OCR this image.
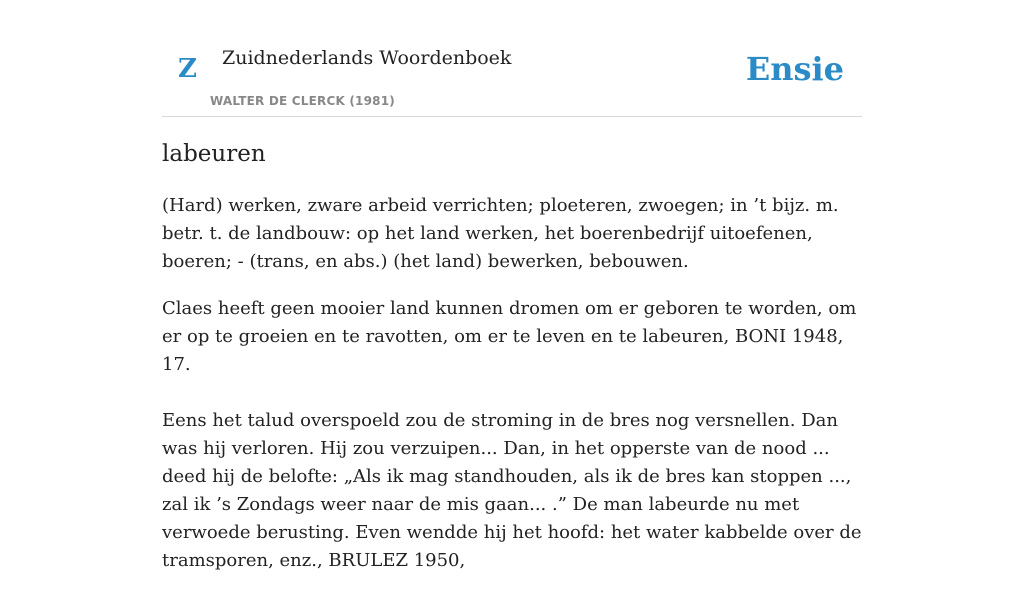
Z Zuidnederlands Woordenboek
WALTER DE CLERCK (1981)
Ensie
labeuren

(Hard) werken, zware arbeid verrichten; ploeteren, zwoegen; in ’t bijz. m. betr. t. de landbouw: op het land werken, het boerenbedrijf uitoefenen, boeren; - (trans, en abs.) (het land) bewerken, bebouwen.

Claes heeft geen mooier land kunnen dromen om er geboren te worden, om er op te groeien en te ravotten, om er te leven en te labeuren, BONI 1948, 17.

Eens het talud overspoeld zou de stroming in de bres nog versnellen. Dan was hij verloren. Hij zou verzuipen... Dan, in het opperste van de nood ... deed hij de belofte: „Als ik mag standhouden, als ik de bres kan stoppen ..., zal ik ’s Zondags weer naar de mis gaan... .” De man labeurde nu met verwoede berusting. Even wendde hij het hoofd: het water kabbelde over de tramsporen, enz., BRULEZ 1950,
